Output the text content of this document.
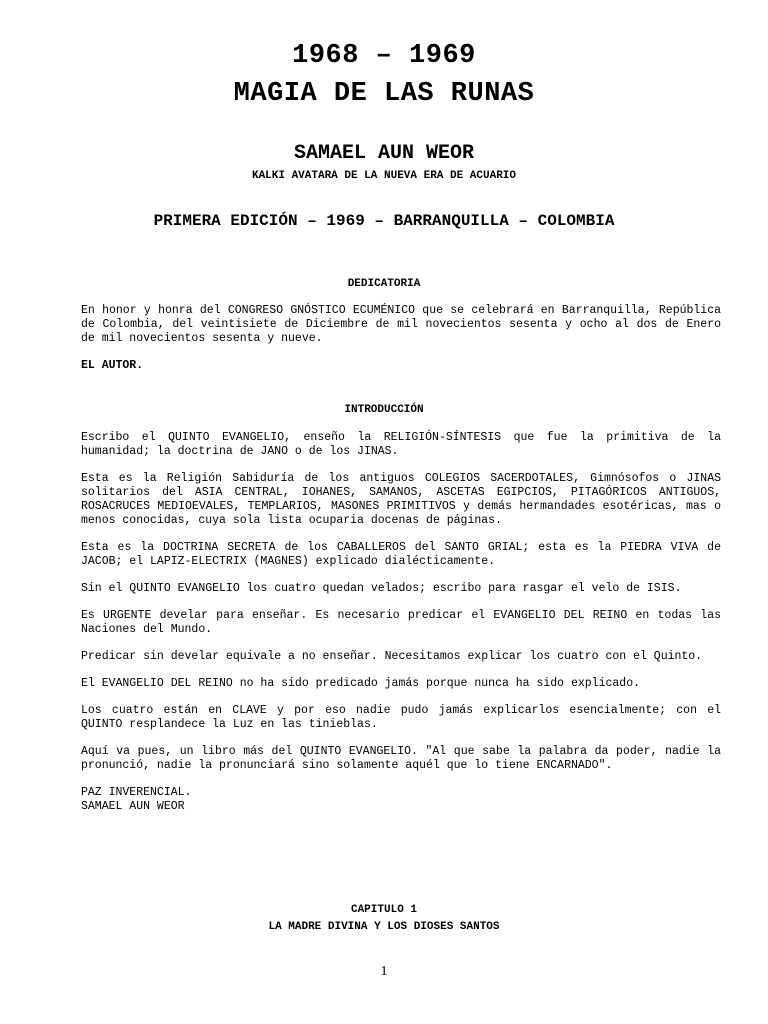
1968 – 1969
MAGIA DE LAS RUNAS
SAMAEL AUN WEOR
KALKI AVATARA DE LA NUEVA ERA DE ACUARIO
PRIMERA EDICIÓN – 1969 – BARRANQUILLA – COLOMBIA
DEDICATORIA

En honor y honra del CONGRESO GNÓSTICO ECUMÉNICO que se celebrará en Barranquilla, República de Colombia, del veintisiete de Diciembre de mil novecientos sesenta y ocho al dos de Enero de mil novecientos sesenta y nueve.

EL AUTOR.

INTRODUCCIÓN

Escribo el QUINTO EVANGELIO, enseño la RELIGIÓN-SÍNTESIS que fue la primitiva de la humanidad; la doctrina de JANO o de los JINAS.

Esta es la Religión Sabiduría de los antiguos COLEGIOS SACERDOTALES, Gimnósofos o JINAS solitarios del ASIA CENTRAL, IOHANES, SAMANOS, ASCETAS EGIPCIOS, PITAGÓRICOS ANTIGUOS, ROSACRUCES MEDIOEVALES, TEMPLARIOS, MASONES PRIMITIVOS y demás hermandades esotéricas, mas o menos conocidas, cuya sola lista ocuparia docenas de páginas.

Esta es la DOCTRINA SECRETA de los CABALLEROS del SANTO GRIAL; esta es la PIEDRA VIVA de JACOB; el LAPIZ-ELECTRIX (MAGNES) explicado dialécticamente.

Sin el QUINTO EVANGELIO los cuatro quedan velados; escribo para rasgar el velo de ISIS.

Es URGENTE develar para enseñar. Es necesario predicar el EVANGELIO DEL REINO en todas las Naciones del Mundo.

Predicar sin develar equivale a no enseñar. Necesitamos explicar los cuatro con el Quinto.

El EVANGELIO DEL REINO no ha sido predicado jamás porque nunca ha sido explicado.

Los cuatro están en CLAVE y por eso nadie pudo jamás explicarlos esencialmente; con el QUINTO resplandece la Luz en las tinieblas.

Aquí va pues, un libro más del QUINTO EVANGELIO. "Al que sabe la palabra da poder, nadie la pronunció, nadie la pronunciará sino solamente aquél que lo tiene ENCARNADO".

PAZ INVERENCIAL.
SAMAEL AUN WEOR

CAPITULO 1
LA MADRE DIVINA Y LOS DIOSES SANTOS
1
